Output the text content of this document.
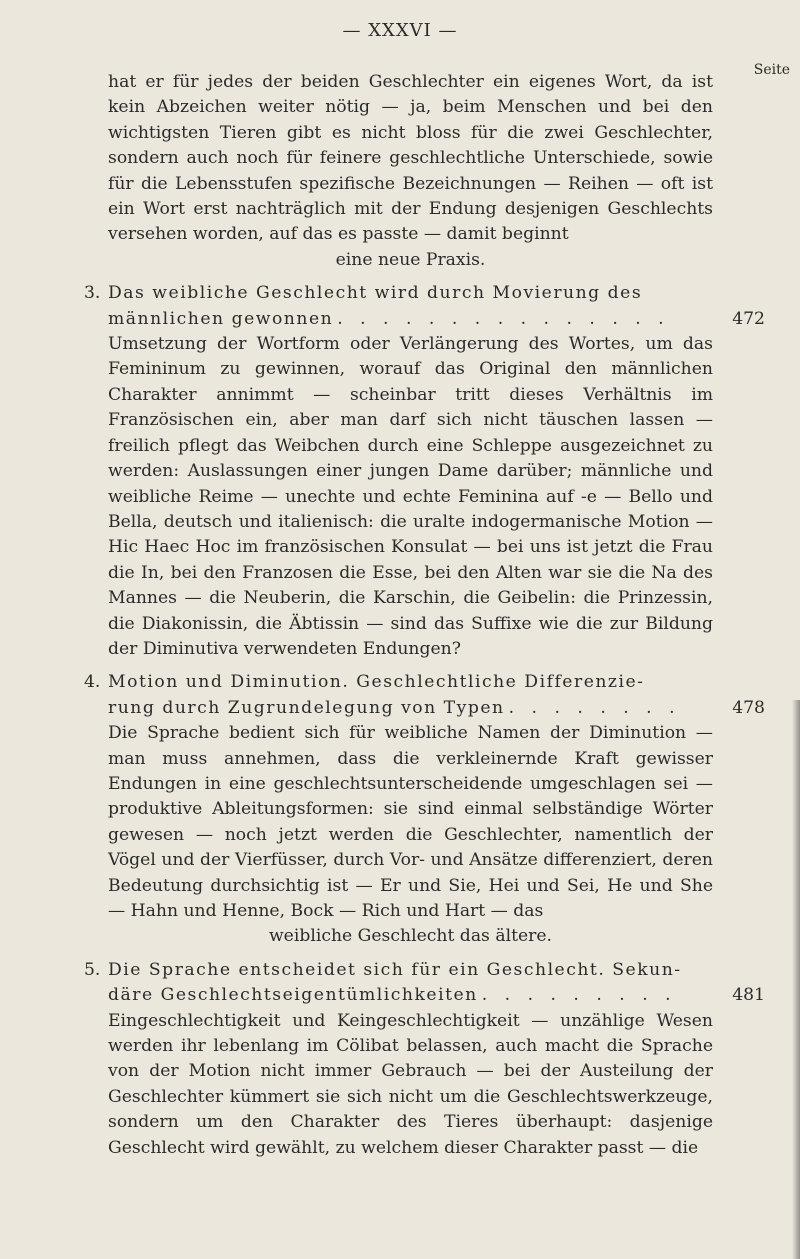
— XXXVI —
Seite

hat er für jedes der beiden Geschlechter ein eigenes Wort, da ist kein Abzeichen weiter nötig — ja, beim Menschen und bei den wichtigsten Tieren gibt es nicht bloss für die zwei Geschlechter, sondern auch noch für feinere geschlechtliche Unterschiede, sowie für die Lebensstufen spezifische Bezeichnungen — Reihen — oft ist ein Wort erst nachträglich mit der Endung desjenigen Geschlechts versehen worden, auf das es passte — damit beginnt

eine neue Praxis.

3. Das weibliche Geschlecht wird durch Movierung des
männlichen gewonnen . . . . . . . . . . . . . . .	472

Umsetzung der Wortform oder Verlängerung des Wortes, um das Femininum zu gewinnen, worauf das Original den männlichen Charakter annimmt — scheinbar tritt dieses Verhältnis im Französischen ein, aber man darf sich nicht täuschen lassen — freilich pflegt das Weibchen durch eine Schleppe ausgezeichnet zu werden: Auslassungen einer jungen Dame darüber; männliche und weibliche Reime — unechte und echte Feminina auf -e — Bello und Bella, deutsch und italienisch: die uralte indogermanische Motion — Hic Haec Hoc im französischen Konsulat — bei uns ist jetzt die Frau die In, bei den Franzosen die Esse, bei den Alten war sie die Na des Mannes — die Neuberin, die Karschin, die Geibelin: die Prinzessin, die Diakonissin, die Äbtissin — sind das Suffixe wie die zur Bildung der Diminutiva verwendeten Endungen?

4. Motion und Diminution. Geschlechtliche Differenzie-
rung durch Zugrundelegung von Typen . . . . . . . .	478

Die Sprache bedient sich für weibliche Namen der Diminution — man muss annehmen, dass die verkleinernde Kraft gewisser Endungen in eine geschlechtsunterscheidende umgeschlagen sei — produktive Ableitungsformen: sie sind einmal selbständige Wörter gewesen — noch jetzt werden die Geschlechter, namentlich der Vögel und der Vierfüsser, durch Vor- und Ansätze differenziert, deren Bedeutung durchsichtig ist — Er und Sie, Hei und Sei, He und She — Hahn und Henne, Bock — Rich und Hart — das

weibliche Geschlecht das ältere.

5. Die Sprache entscheidet sich für ein Geschlecht. Sekun-
däre Geschlechtseigentümlichkeiten . . . . . . . . .	481

Eingeschlechtigkeit und Keingeschlechtigkeit — unzählige Wesen werden ihr lebenlang im Cölibat belassen, auch macht die Sprache von der Motion nicht immer Gebrauch — bei der Austeilung der Geschlechter kümmert sie sich nicht um die Geschlechtswerkzeuge, sondern um den Charakter des Tieres überhaupt: dasjenige Geschlecht wird gewählt, zu welchem dieser Charakter passt — die
